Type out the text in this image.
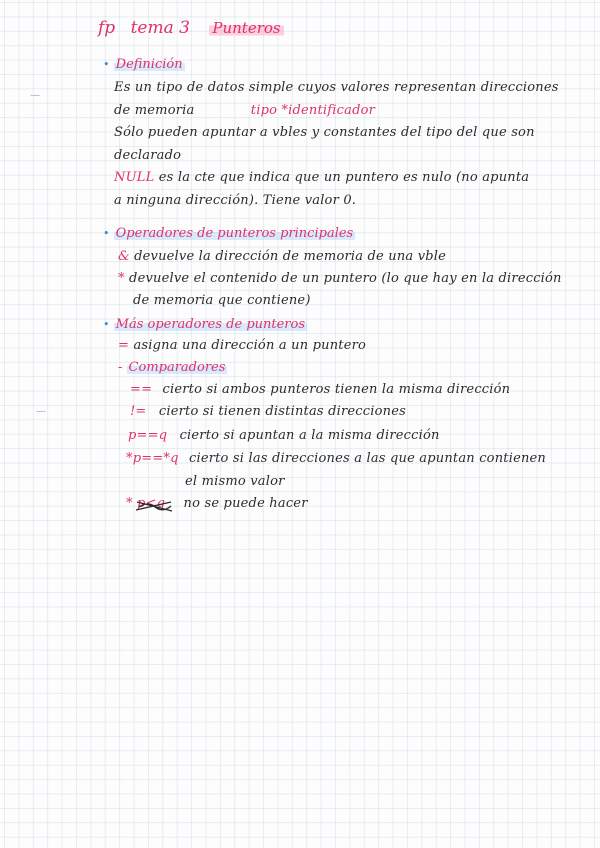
fp tema 3 Punteros
• Definición
Es un tipo de datos simple cuyos valores representan direcciones
de memoria	tipo *identificador
Sólo pueden apuntar a vbles y constantes del tipo del que son
declarado
NULL es la cte que indica que un puntero es nulo (no apunta
a ninguna dirección). Tiene valor 0.
• Operadores de punteros principales
& devuelve la dirección de memoria de una vble
* devuelve el contenido de un puntero (lo que hay en la dirección
de memoria que contiene)
• Más operadores de punteros
= asigna una dirección a un puntero
- Comparadores
== cierto si ambos punteros tienen la misma dirección
!= cierto si tienen distintas direcciones
p==q cierto si apuntan a la misma dirección
*p==*q cierto si las direcciones a las que apuntan contienen
el mismo valor
* p<q no se puede hacer
—
—
